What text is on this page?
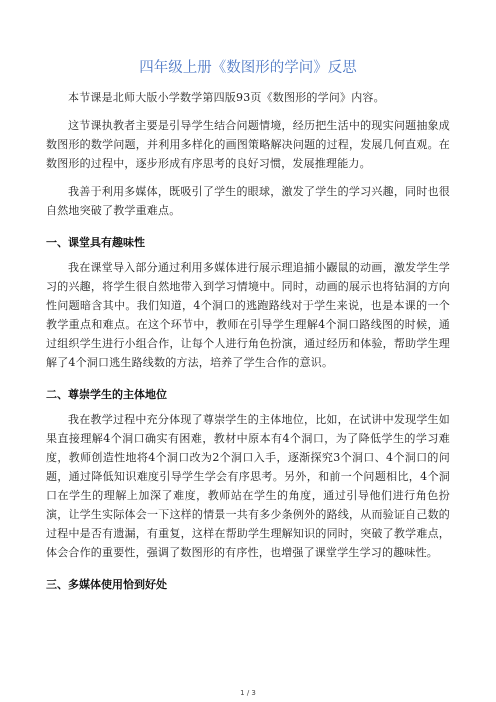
四年级上册《数图形的学问》反思

本节课是北师大版小学数学第四版93页《数图形的学问》内容。

这节课执教者主要是引导学生结合问题情境，经历把生活中的现实问题抽象成数图形的数学问题，并利用多样化的画图策略解决问题的过程，发展几何直观。在数图形的过程中，逐步形成有序思考的良好习惯，发展推理能力。

我善于利用多媒体，既吸引了学生的眼球，激发了学生的学习兴趣，同时也很自然地突破了教学重难点。

一、课堂具有趣味性

我在课堂导入部分通过利用多媒体进行展示理追捕小鼹鼠的动画，激发学生学习的兴趣，将学生很自然地带入到学习情境中。同时，动画的展示也将钻洞的方向性问题暗含其中。我们知道，4个洞口的逃跑路线对于学生来说，也是本课的一个教学重点和难点。在这个环节中，教师在引导学生理解4个洞口路线图的时候，通过组织学生进行小组合作，让每个人进行角色扮演，通过经历和体验，帮助学生理解了4个洞口逃生路线数的方法，培养了学生合作的意识。

二、尊崇学生的主体地位

我在教学过程中充分体现了尊崇学生的主体地位，比如，在试讲中发现学生如果直接理解4个洞口确实有困难，教材中原本有4个洞口，为了降低学生的学习难度，教师创造性地将4个洞口改为2个洞口入手，逐渐探究3个洞口、4个洞口的问题，通过降低知识难度引导学生学会有序思考。另外，和前一个问题相比，4个洞口在学生的理解上加深了难度，教师站在学生的角度，通过引导他们进行角色扮演，让学生实际体会一下这样的情景一共有多少条例外的路线，从而验证自己数的过程中是否有遗漏，有重复，这样在帮助学生理解知识的同时，突破了教学难点，体会合作的重要性，强调了数图形的有序性，也增强了课堂学生学习的趣味性。

三、多媒体使用恰到好处
1 / 3
